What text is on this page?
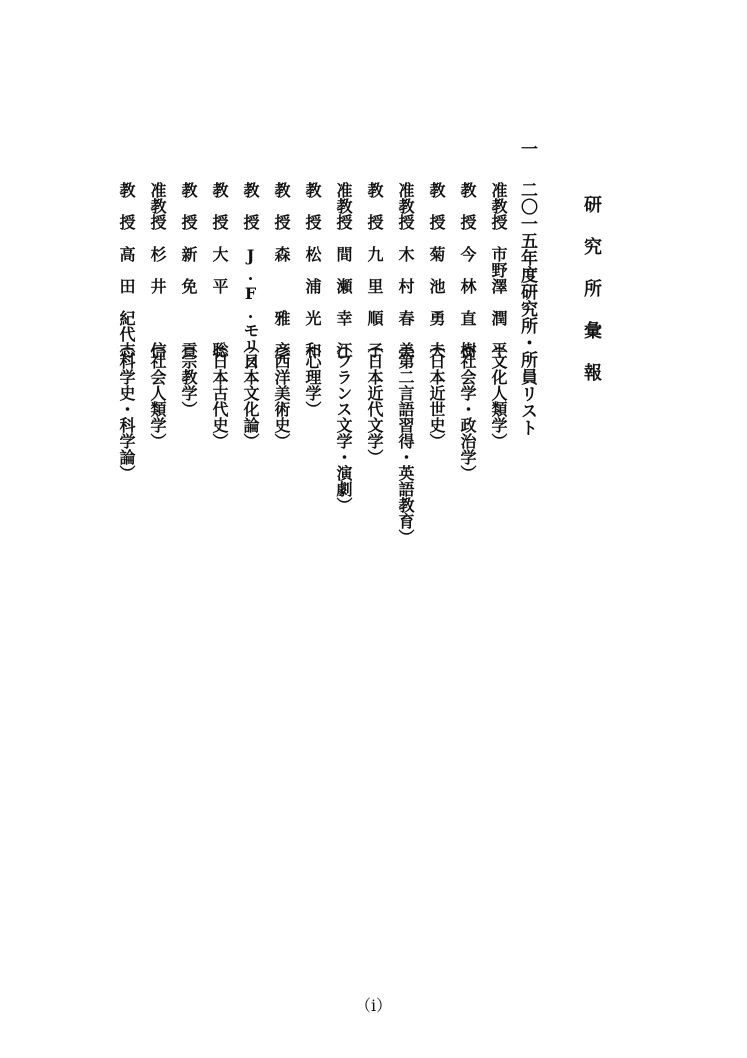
研究所彙報
一二〇一五年度研究所・所員リスト
准教授
市野澤　潤　平
（文化人類学）
教　授
今　林　直　樹
（社会学・政治学）
教　授
菊　池　勇　夫
（日本近世史）
准教授
木　村　春　美
（第二言語習得・英語教育）
教　授
九　里　順　子
（日本近代文学）
准教授
間　瀬　幸　江
（フランス文学・演劇）
教　授
松　浦　光　和
（心理学）
教　授
森　　　雅　彦
（西洋美術史）
教　授
J.F.モリス
（日本文化論）
教　授
大　平　　　聡
（日本古代史）
教　授
新　免　　　貢
（宗教学）
准教授
杉　井　　　信
（社会人類学）
教　授
高　田　紀代志
（科学史・科学論）
（ⅰ）
